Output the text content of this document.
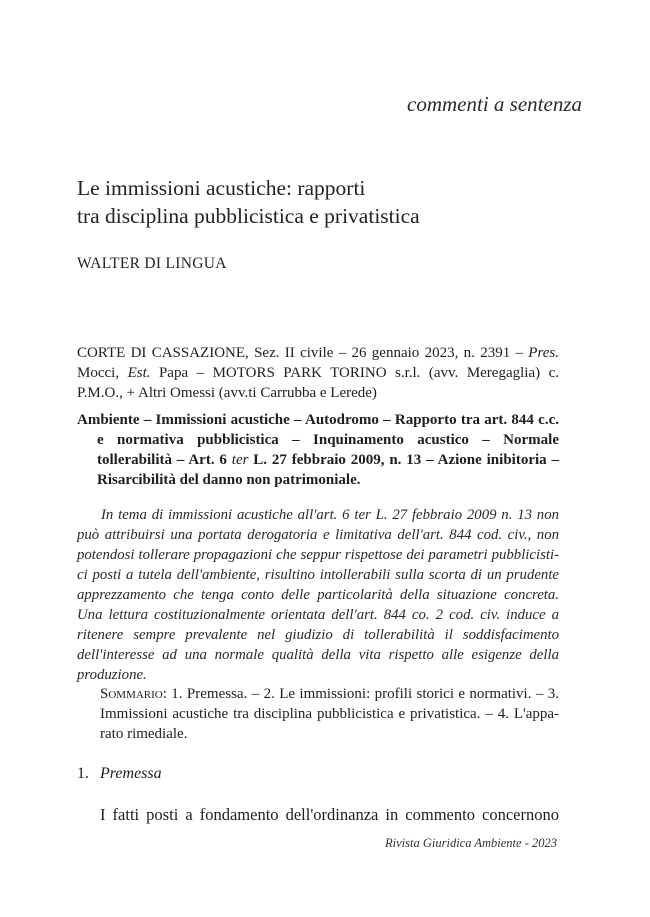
commenti a sentenza
Le immissioni acustiche: rapporti
tra disciplina pubblicistica e privatistica
WALTER DI LINGUA
CORTE DI CASSAZIONE, Sez. II civile – 26 gennaio 2023, n. 2391 – Pres. Mocci, Est. Papa – MOTORS PARK TORINO s.r.l. (avv. Meregaglia) c. P.M.O., + Altri Omessi (avv.ti Carrubba e Lerede)
Ambiente – Immissioni acustiche – Autodromo – Rapporto tra art. 844 c.c. e normativa pubblicistica – Inquinamento acustico – Normale tollerabilità – Art. 6 ter L. 27 febbraio 2009, n. 13 – Azione inibitoria – Risarcibilità del danno non patrimoniale.
In tema di immissioni acustiche all'art. 6 ter L. 27 febbraio 2009 n. 13 non può attribuirsi una portata derogatoria e limitativa dell'art. 844 cod. civ., non potendosi tollerare propagazioni che seppur rispettose dei parametri pubblicisti-ci posti a tutela dell'ambiente, risultino intollerabili sulla scorta di un prudente apprezzamento che tenga conto delle particolarità della situazione concreta. Una lettura costituzionalmente orientata dell'art. 844 co. 2 cod. civ. induce a ritenere sempre prevalente nel giudizio di tollerabilità il soddisfacimento dell'interesse ad una normale qualità della vita rispetto alle esigenze della produzione.
Sommario: 1. Premessa. – 2. Le immissioni: profili storici e normativi. – 3. Immissioni acustiche tra disciplina pubblicistica e privatistica. – 4. L'appa-rato rimediale.
1. Premessa
I fatti posti a fondamento dell'ordinanza in commento concernono
Rivista Giuridica Ambiente - 2023
